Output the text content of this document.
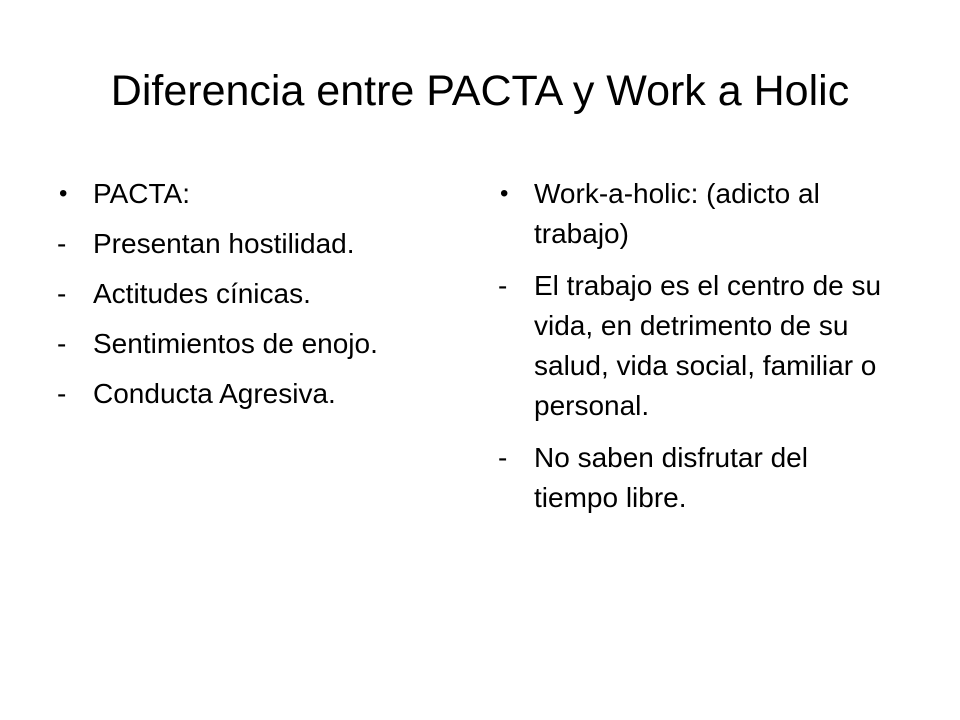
Diferencia entre PACTA y Work a Holic
• PACTA:
- Presentan hostilidad.
- Actitudes cínicas.
- Sentimientos de enojo.
- Conducta Agresiva.
• Work-a-holic: (adicto al trabajo)
- El trabajo es el centro de su vida, en detrimento de su salud, vida social, familiar o personal.
- No saben disfrutar del tiempo libre.
